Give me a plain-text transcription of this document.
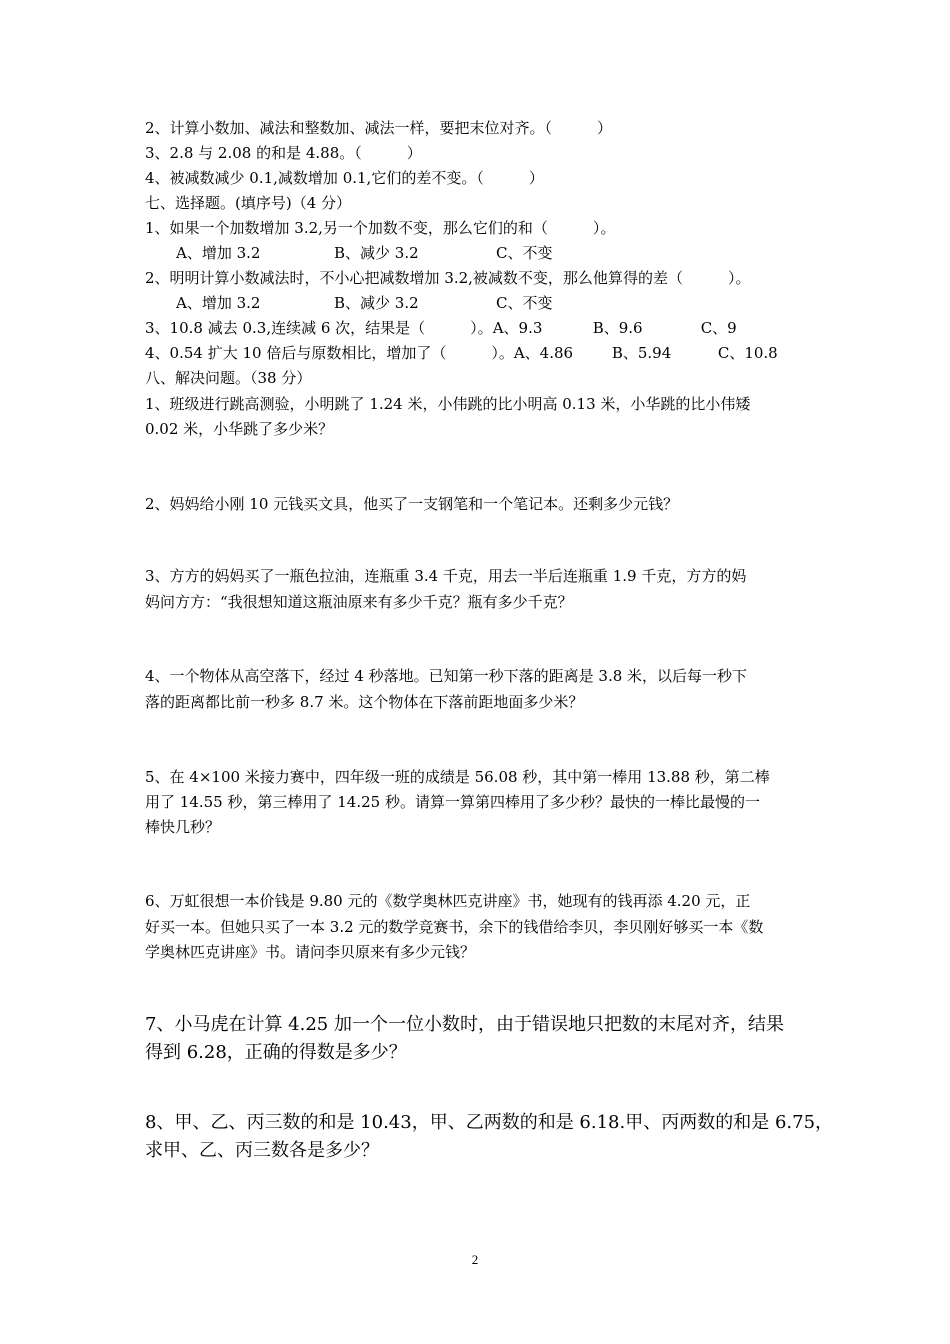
2、计算小数加、减法和整数加、减法一样，要把末位对齐。（　　　）
3、2.8 与 2.08 的和是 4.88。（　　　）
4、被减数减少 0.1,减数增加 0.1,它们的差不变。（　　　）
七、选择题。(填序号)（4 分）
1、如果一个加数增加 3.2,另一个加数不变，那么它们的和（　　　）。
A、增加 3.2	B、减少 3.2	C、不变
2、明明计算小数减法时，不小心把减数增加 3.2,被减数不变，那么他算得的差（　　　）。
A、增加 3.2	B、减少 3.2	C、不变
3、10.8 减去 0.3,连续减 6 次，结果是（　　　）。A、9.3	B、9.6	C、9
4、0.54 扩大 10 倍后与原数相比，增加了（　　　）。A、4.86	B、5.94	C、10.8
八、解决问题。（38 分）
1、班级进行跳高测验，小明跳了 1.24 米，小伟跳的比小明高 0.13 米，小华跳的比小伟矮
0.02 米，小华跳了多少米？
2、妈妈给小刚 10 元钱买文具，他买了一支钢笔和一个笔记本。还剩多少元钱？
3、方方的妈妈买了一瓶色拉油，连瓶重 3.4 千克，用去一半后连瓶重 1.9 千克，方方的妈
妈问方方：“我很想知道这瓶油原来有多少千克？瓶有多少千克？
4、一个物体从高空落下，经过 4 秒落地。已知第一秒下落的距离是 3.8 米，以后每一秒下
落的距离都比前一秒多 8.7 米。这个物体在下落前距地面多少米？
5、在 4×100 米接力赛中，四年级一班的成绩是 56.08 秒，其中第一棒用 13.88 秒，第二棒
用了 14.55 秒，第三棒用了 14.25 秒。请算一算第四棒用了多少秒？最快的一棒比最慢的一
棒快几秒？
6、万虹很想一本价钱是 9.80 元的《数学奥林匹克讲座》书，她现有的钱再添 4.20 元，正
好买一本。但她只买了一本 3.2 元的数学竞赛书，余下的钱借给李贝，李贝刚好够买一本《数
学奥林匹克讲座》书。请问李贝原来有多少元钱？
7、小马虎在计算 4.25 加一个一位小数时，由于错误地只把数的末尾对齐，结果
得到 6.28，正确的得数是多少？
8、甲、乙、丙三数的和是 10.43，甲、乙两数的和是 6.18.甲、丙两数的和是 6.75，
求甲、乙、丙三数各是多少？
2
